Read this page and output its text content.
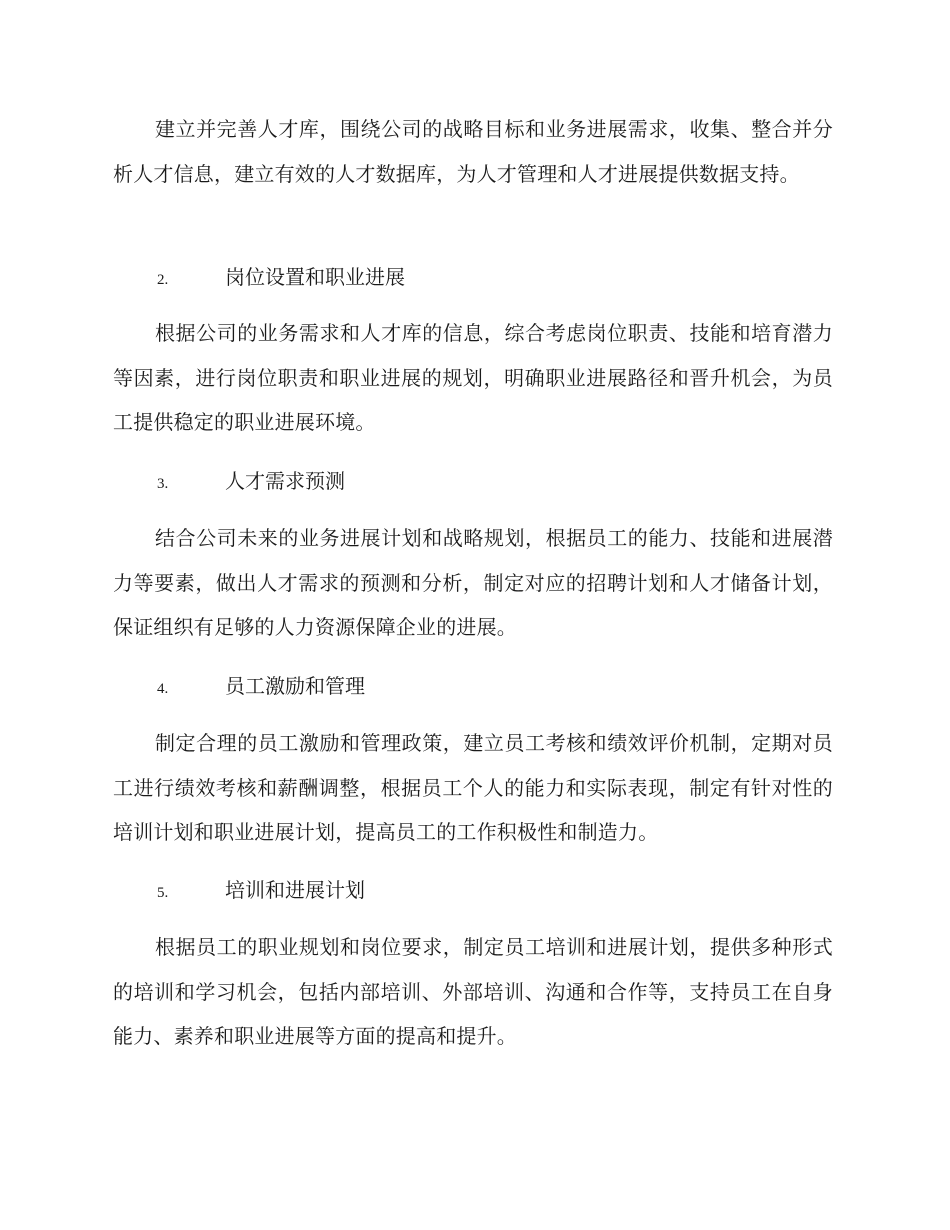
建立并完善人才库，围绕公司的战略目标和业务进展需求，收集、整合并分析人才信息，建立有效的人才数据库，为人才管理和人才进展提供数据支持。

2.	岗位设置和职业进展

根据公司的业务需求和人才库的信息，综合考虑岗位职责、技能和培育潜力等因素，进行岗位职责和职业进展的规划，明确职业进展路径和晋升机会，为员工提供稳定的职业进展环境。

3.	人才需求预测

结合公司未来的业务进展计划和战略规划，根据员工的能力、技能和进展潜力等要素，做出人才需求的预测和分析，制定对应的招聘计划和人才储备计划，保证组织有足够的人力资源保障企业的进展。

4.	员工激励和管理

制定合理的员工激励和管理政策，建立员工考核和绩效评价机制，定期对员工进行绩效考核和薪酬调整，根据员工个人的能力和实际表现，制定有针对性的培训计划和职业进展计划，提高员工的工作积极性和制造力。

5.	培训和进展计划

根据员工的职业规划和岗位要求，制定员工培训和进展计划，提供多种形式的培训和学习机会，包括内部培训、外部培训、沟通和合作等，支持员工在自身能力、素养和职业进展等方面的提高和提升。
